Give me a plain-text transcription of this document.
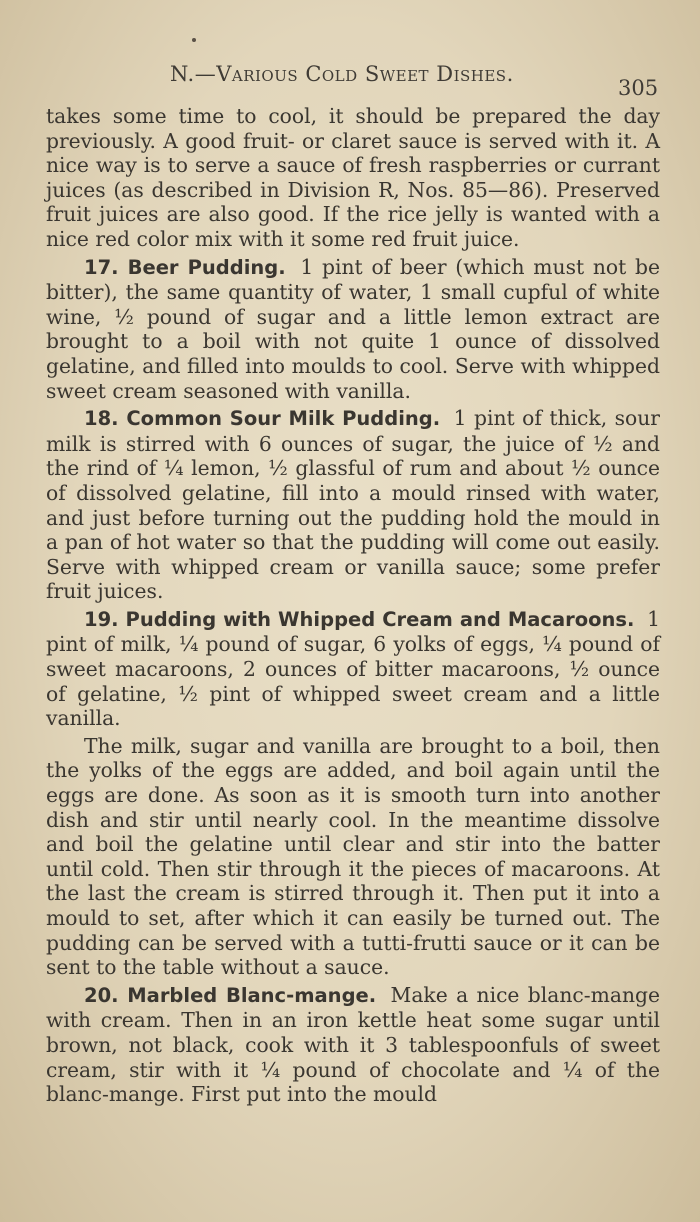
N.—Various Cold Sweet Dishes.
305

takes some time to cool, it should be prepared the day previously. A good fruit- or claret sauce is served with it. A nice way is to serve a sauce of fresh raspberries or currant juices (as described in Division R, Nos. 85—86). Preserved fruit juices are also good. If the rice jelly is wanted with a nice red color mix with it some red fruit juice.

17. Beer Pudding. 1 pint of beer (which must not be bitter), the same quantity of water, 1 small cupful of white wine, ½ pound of sugar and a little lemon extract are brought to a boil with not quite 1 ounce of dissolved gelatine, and filled into moulds to cool. Serve with whipped sweet cream seasoned with vanilla.

18. Common Sour Milk Pudding. 1 pint of thick, sour milk is stirred with 6 ounces of sugar, the juice of ½ and the rind of ¼ lemon, ½ glassful of rum and about ½ ounce of dissolved gelatine, fill into a mould rinsed with water, and just before turning out the pudding hold the mould in a pan of hot water so that the pudding will come out easily. Serve with whipped cream or vanilla sauce; some prefer fruit juices.

19. Pudding with Whipped Cream and Macaroons. 1 pint of milk, ¼ pound of sugar, 6 yolks of eggs, ¼ pound of sweet macaroons, 2 ounces of bitter macaroons, ½ ounce of gelatine, ½ pint of whipped sweet cream and a little vanilla.

The milk, sugar and vanilla are brought to a boil, then the yolks of the eggs are added, and boil again until the eggs are done. As soon as it is smooth turn into another dish and stir until nearly cool. In the meantime dissolve and boil the gelatine until clear and stir into the batter until cold. Then stir through it the pieces of macaroons. At the last the cream is stirred through it. Then put it into a mould to set, after which it can easily be turned out. The pudding can be served with a tutti-frutti sauce or it can be sent to the table without a sauce.

20. Marbled Blanc-mange. Make a nice blanc-mange with cream. Then in an iron kettle heat some sugar until brown, not black, cook with it 3 tablespoonfuls of sweet cream, stir with it ¼ pound of chocolate and ¼ of the blanc-mange. First put into the mould
